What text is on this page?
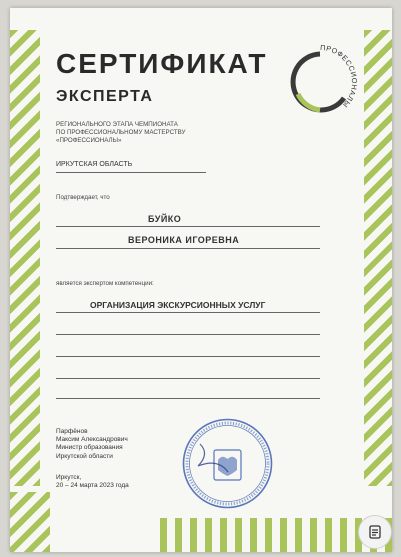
СЕРТИФИКАТ
ЭКСПЕРТА
ПРОФЕССИОНАЛЫ
РЕГИОНАЛЬНОГО ЭТАПА ЧЕМПИОНАТА
ПО ПРОФЕССИОНАЛЬНОМУ МАСТЕРСТВУ
«ПРОФЕССИОНАЛЫ»
ИРКУТСКАЯ ОБЛАСТЬ
Подтверждает, что
БУЙКО
ВЕРОНИКА ИГОРЕВНА
является экспертом компетенции:
ОРГАНИЗАЦИЯ ЭКСКУРСИОННЫХ УСЛУГ
Парфёнов
Максим Александрович
Министр образования
Иркутской области
Иркутск,
20 – 24 марта 2023 года
